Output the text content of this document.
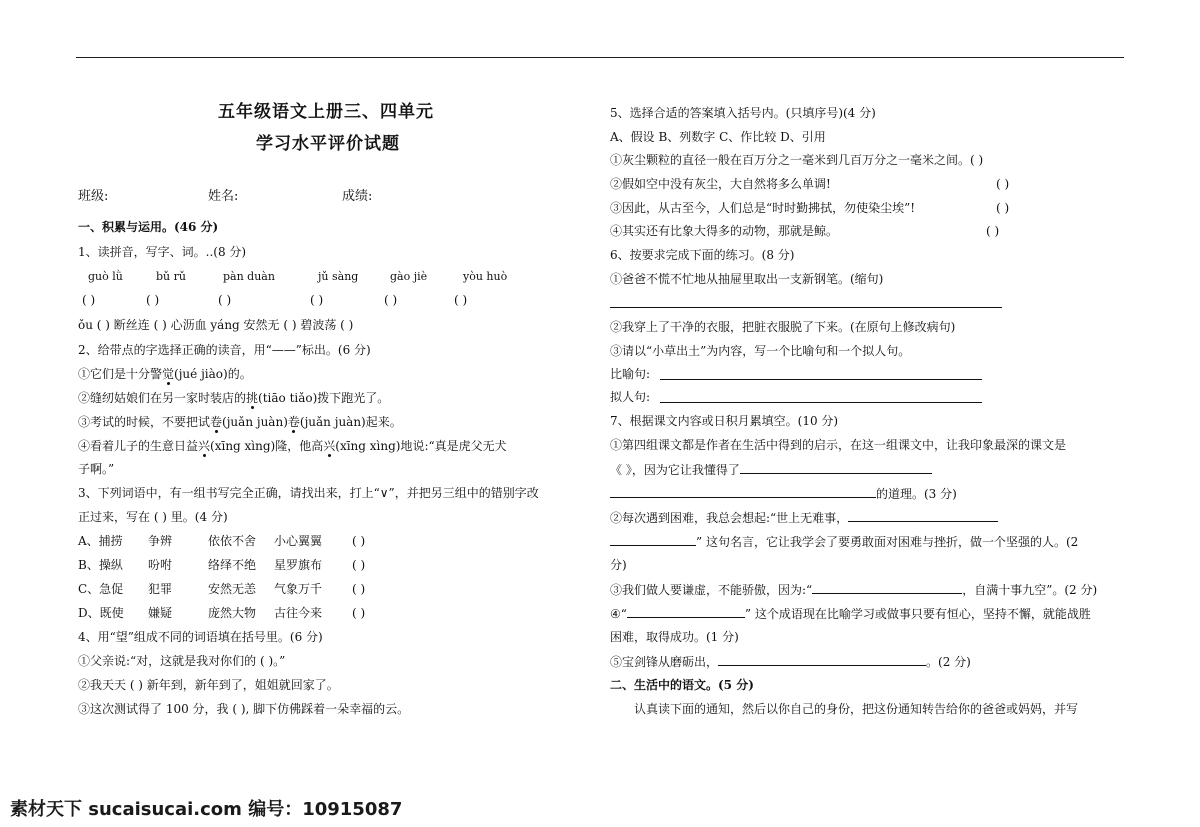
五年级语文上册三、四单元
学习水平评价试题
班级:	姓名:	成绩:
一、积累与运用。(46 分)
1、读拼音，写字、词。..(8 分)
guò lǜ	bǔ rǔ	pàn duàn	jǔ sàng	gào jiè	yòu huò
( )	( )	( )	( )	( )	( )
ǒu ( ) 断丝连 ( ) 心沥血 yáng 安然无 ( ) 碧波荡 ( )
2、给带点的字选择正确的读音，用“——”标出。(6 分)
①它们是十分警觉(jué jiào)的。
②缝纫姑娘们在另一家时装店的挑(tiāo tiǎo)拨下跑光了。
③考试的时候，不要把试卷(juǎn juàn)卷(juǎn juàn)起来。
④看着儿子的生意日益兴(xīng xìng)隆，他高兴(xīng xìng)地说:“真是虎父无犬
子啊。”
3、下列词语中，有一组书写完全正确，请找出来，打上“∨”，并把另三组中的错别字改
正过来，写在 ( ) 里。(4 分)
A、捕捞 争辨	依依不舍 小心翼翼 ( )
B、操纵 吩咐	络绎不绝 星罗旗布 ( )
C、急促 犯罪	安然无恙 气象万千 ( )
D、既使 嫌疑	庞然大物 古往今来 ( )
4、用“望”组成不同的词语填在括号里。(6 分)
①父亲说:“对，这就是我对你们的 ( )。”
②我天天 ( ) 新年到，新年到了，姐姐就回家了。
③这次测试得了 100 分，我 ( ), 脚下仿佛踩着一朵幸福的云。
5、选择合适的答案填入括号内。(只填序号)(4 分)
A、假设 B、列数字 C、作比较 D、引用
①灰尘颗粒的直径一般在百万分之一毫米到几百万分之一毫米之间。( )
②假如空中没有灰尘，大自然将多么单调!	( )
③因此，从古至今，人们总是“时时勤拂拭，勿使染尘埃”!	( )
④其实还有比象大得多的动物，那就是鲸。	( )
6、按要求完成下面的练习。(8 分)
①爸爸不慌不忙地从抽屉里取出一支新钢笔。(缩句)
②我穿上了干净的衣服，把脏衣服脱了下来。(在原句上修改病句)
③请以“小草出土”为内容，写一个比喻句和一个拟人句。
比喻句:
拟人句:
7、根据课文内容或日积月累填空。(10 分)
①第四组课文都是作者在生活中得到的启示，在这一组课文中，让我印象最深的课文是
《 》，因为它让我懂得了
的道理。(3 分)
②每次遇到困难，我总会想起:“世上无难事，
” 这句名言，它让我学会了要勇敢面对困难与挫折，做一个坚强的人。(2
分)
③我们做人要谦虚，不能骄傲，因为:“	，自满十事九空”。(2 分)
④“	” 这个成语现在比喻学习或做事只要有恒心，坚持不懈，就能战胜
困难，取得成功。(1 分)
⑤宝剑锋从磨砺出，	。(2 分)
二、生活中的语文。(5 分)
认真读下面的通知，然后以你自己的身份，把这份通知转告给你的爸爸或妈妈，并写
素材天下 sucaisucai.com 编号：10915087
